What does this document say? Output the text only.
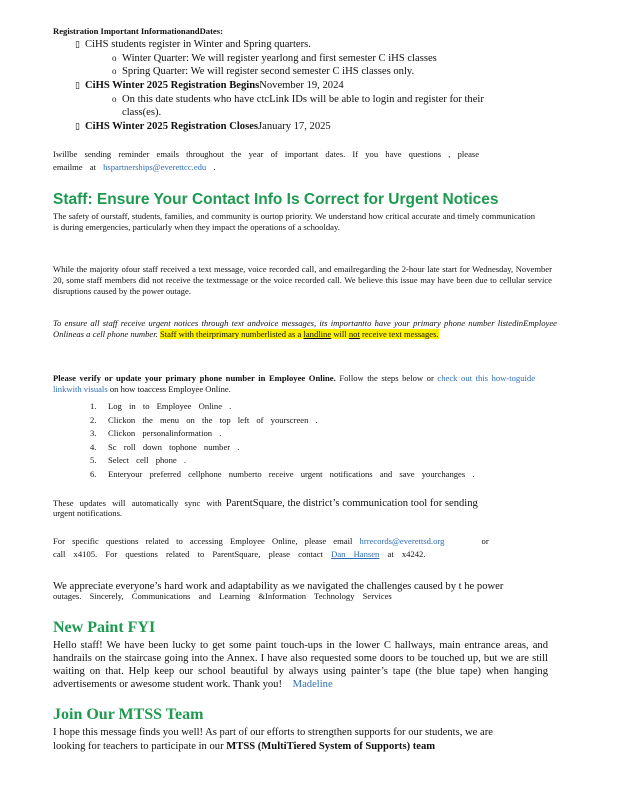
Registration Important InformationandDates:
▯ CiHS students register in Winter and Spring quarters.
o Winter Quarter: We will register yearlong and first semester C iHS classes
o Spring Quarter: We will register second semester C iHS classes only.
▯ CiHS Winter 2025 Registration BeginsNovember 19, 2024
o On this date students who have ctcLink IDs will be able to login and register for their
class(es).
▯ CiHS Winter 2025 Registration ClosesJanuary 17, 2025
Iwillbe sending reminder emails throughout the year of important dates. If you have questions , please
emailme at hspartnerships@everettcc.edu .
Staff: Ensure Your Contact Info Is Correct for Urgent Notices
The safety of ourstaff, students, families, and community is ourtop priority. We understand how critical accurate and timely communication is during emergencies, particularly when they impact the operations of a schoolday.
While the majority ofour staff received a text message, voice recorded call, and emailregarding the 2-hour late start for Wednesday, November 20, some staff members did not receive the textmessage or the voice recorded call. We believe this issue may have been due to cellular service disruptions caused by the power outage.
To ensure all staff receive urgent notices through text andvoice messages, its importantto have your primary phone number listedinEmployee Onlineas a cell phone number. Staff with theirprimary numberlisted as a landline will not receive text messages.
Please verify or update your primary phone number in Employee Online. Follow the steps below or check out this how-toguide linkwith visuals on how toaccess Employee Online.
1. Log in to Employee Online .
2. Clickon the menu on the top left of yourscreen .
3. Clickon personalinformation .
4. Sc roll down tophone number .
5. Select cell phone .
6. Enteryour preferred cellphone numberto receive urgent notifications and save yourchanges .
These updates will automatically sync with ParentSquare, the district’s communication tool for sending
urgent notifications.
For specific questions related to accessing Employee Online, please email hrrecords@everettsd.org	or
call x4105. For questions related to ParentSquare, please contact Dan Hansen at x4242.
We appreciate everyone’s hard work and adaptability as we navigated the challenges caused by t he power
outages. Sincerely, Communications and Learning &Information Technology Services
New Paint FYI
Hello staff! We have been lucky to get some paint touch-ups in the lower C hallways, main entrance areas, and handrails on the staircase going into the Annex. I have also requested some doors to be touched up, but we are still waiting on that. Help keep our school beautiful by always using painter’s tape (the blue tape) when hanging advertisements or awesome student work. Thank you! Madeline
Join Our MTSS Team
I hope this message finds you well! As part of our efforts to strengthen supports for our students, we are
looking for teachers to participate in our MTSS (MultiTiered System of Supports) team
